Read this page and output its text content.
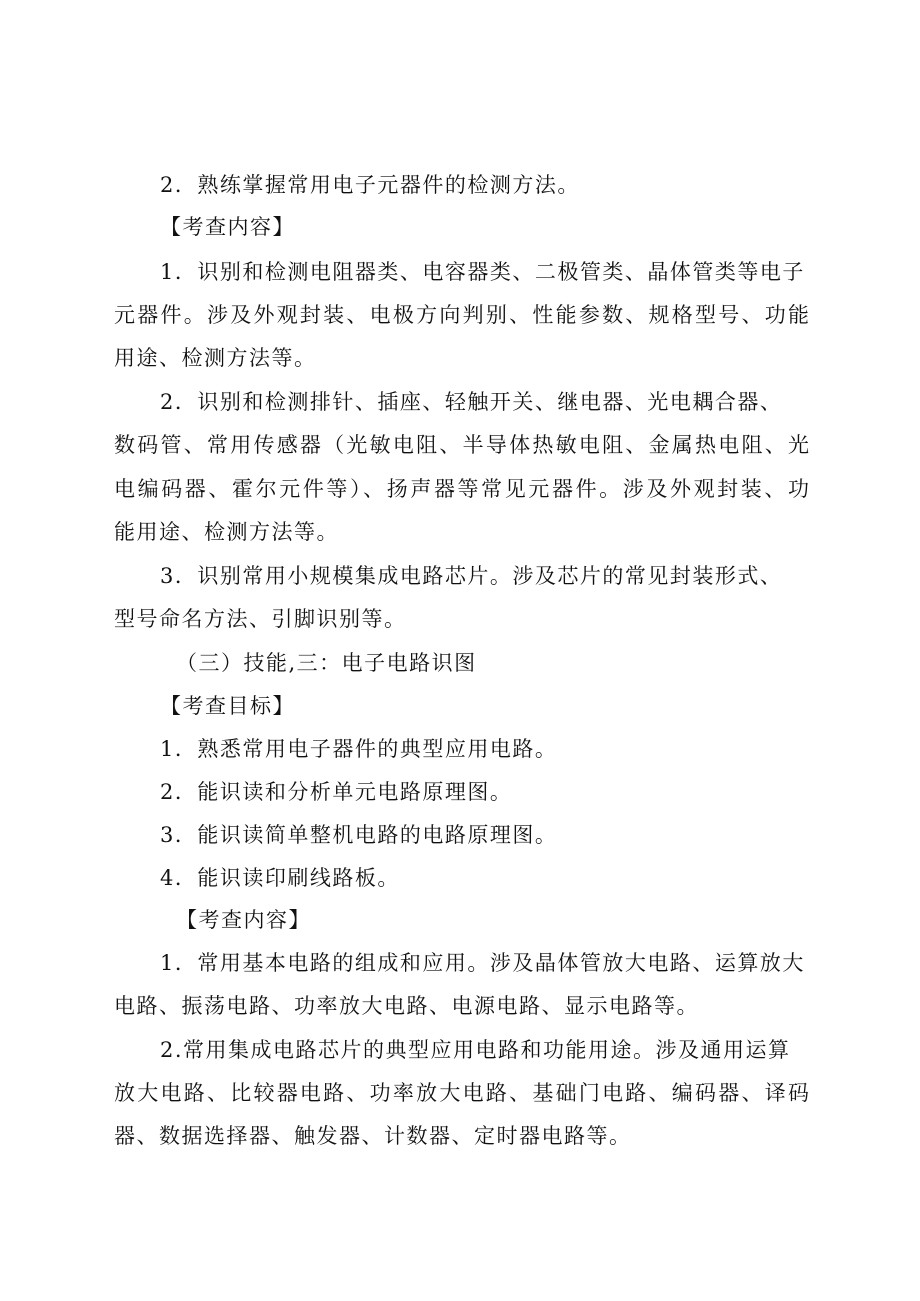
2．熟练掌握常用电子元器件的检测方法。
【考查内容】
1．识别和检测电阻器类、电容器类、二极管类、晶体管类等电子
元器件。涉及外观封装、电极方向判别、性能参数、规格型号、功能
用途、检测方法等。
2．识别和检测排针、插座、轻触开关、继电器、光电耦合器、
数码管、常用传感器（光敏电阻、半导体热敏电阻、金属热电阻、光
电编码器、霍尔元件等）、扬声器等常见元器件。涉及外观封装、功
能用途、检测方法等。
3．识别常用小规模集成电路芯片。涉及芯片的常见封装形式、
型号命名方法、引脚识别等。
（三）技能,三：电子电路识图
【考查目标】
1．熟悉常用电子器件的典型应用电路。
2．能识读和分析单元电路原理图。
3．能识读简单整机电路的电路原理图。
4．能识读印刷线路板。
【考查内容】
1．常用基本电路的组成和应用。涉及晶体管放大电路、运算放大
电路、振荡电路、功率放大电路、电源电路、显示电路等。
2.常用集成电路芯片的典型应用电路和功能用途。涉及通用运算
放大电路、比较器电路、功率放大电路、基础门电路、编码器、译码
器、数据选择器、触发器、计数器、定时器电路等。
